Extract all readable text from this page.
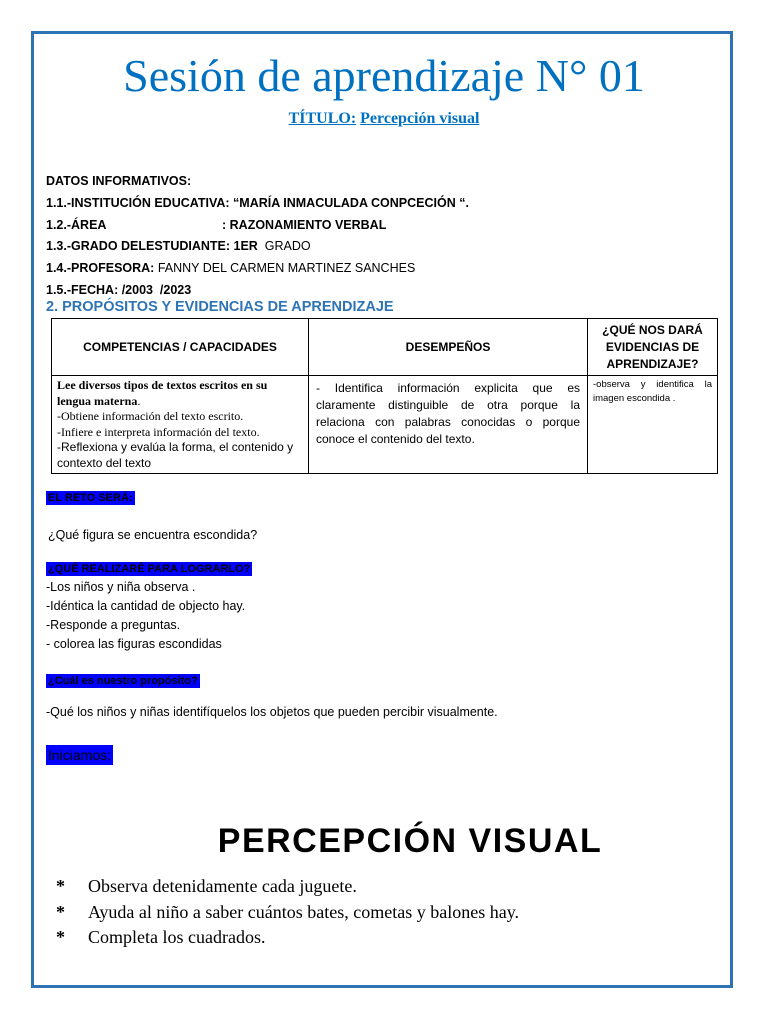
Sesión de aprendizaje N° 01
TÍTULO: Percepción visual
DATOS INFORMATIVOS:
1.1.-INSTITUCIÓN EDUCATIVA: “MARÍA INMACULADA CONPCECIÓN “.
1.2.-ÁREA	: RAZONAMIENTO VERBAL
1.3.-GRADO DELESTUDIANTE: 1ER  GRADO
1.4.-PROFESORA: FANNY DEL CARMEN MARTINEZ SANCHES
1.5.-FECHA: /2003  /2023
2. PROPÓSITOS Y EVIDENCIAS DE APRENDIZAJE
COMPETENCIAS / CAPACIDADES	DESEMPEÑOS	¿QUÉ NOS DARÁ EVIDENCIAS DE APRENDIZAJE?

Lee diversos tipos de textos escritos en su lengua materna.
-Obtiene información del texto escrito.
-Infiere e interpreta información del texto.
-Reflexiona y evalúa la forma, el contenido y contexto del texto	- Identifica información explicita que es claramente distinguible de otra porque la relaciona con palabras conocidas o porque conoce el contenido del texto.	-observa y identifica la imagen escondida .
EL RETO SERÁ:
¿Qué figura se encuentra escondida?
¿QUÉ REALIZARÉ PARA LOGRARLO?
-Los niños y niña observa .
-Idéntica la cantidad de objecto hay.
-Responde a preguntas.
- colorea las figuras escondidas
¿Cuál es nuestro propósito?
-Qué los niños y niñas identifíquelos los objetos que pueden percibir visualmente.
Iniciamos:
PERCEPCIÓN VISUAL
* Observa detenidamente cada juguete.
* Ayuda al niño a saber cuántos bates, cometas y balones hay.
* Completa los cuadrados.
